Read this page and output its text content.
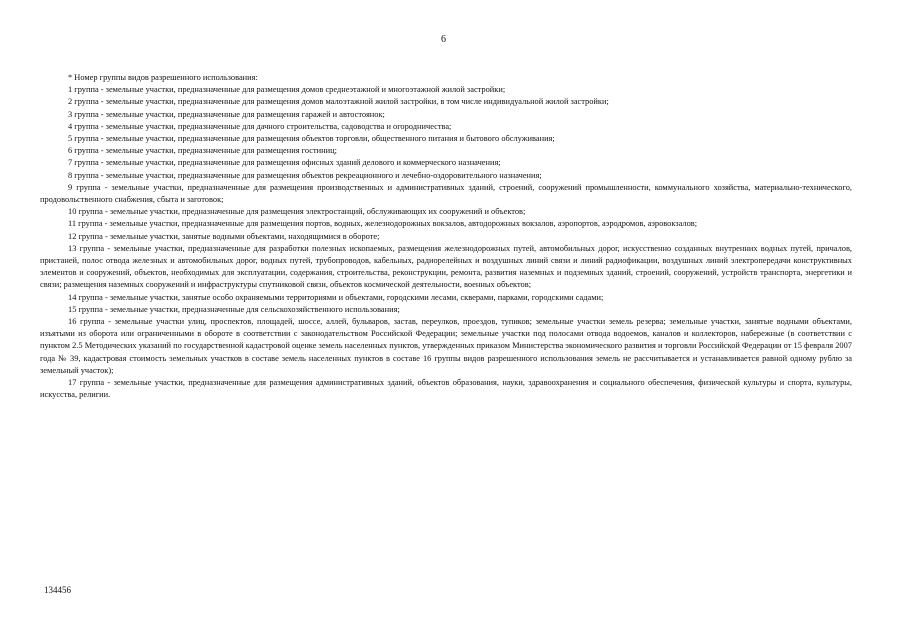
6

* Номер группы видов разрешенного использования:

1 группа - земельные участки, предназначенные для размещения домов среднеэтажной и многоэтажной жилой застройки;

2 группа - земельные участки, предназначенные для размещения домов малоэтажной жилой застройки, в том числе индивидуальной жилой застройки;

3 группа - земельные участки, предназначенные для размещения гаражей и автостоянок;

4 группа - земельные участки, предназначенные для дачного строительства, садоводства и огородничества;

5 группа - земельные участки, предназначенные для размещения объектов торговли, общественного питания и бытового обслуживания;

6 группа - земельные участки, предназначенные для размещения гостиниц;

7 группа - земельные участки, предназначенные для размещения офисных зданий делового и коммерческого назначения;

8 группа - земельные участки, предназначенные для размещения объектов рекреационного и лечебно-оздоровительного назначения;

9 группа - земельные участки, предназначенные для размещения производственных и административных зданий, строений, сооружений промышленности, коммунального хозяйства, материально-технического, продовольственного снабжения, сбыта и заготовок;

10 группа - земельные участки, предназначенные для размещения электростанций, обслуживающих их сооружений и объектов;

11 группа - земельные участки, предназначенные для размещения портов, водных, железнодорожных вокзалов, автодорожных вокзалов, аэропортов, аэродромов, аэровокзалов;

12 группа - земельные участки, занятые водными объектами, находящимися в обороте;

13 группа - земельные участки, предназначенные для разработки полезных ископаемых, размещения железнодорожных путей, автомобильных дорог, искусственно созданных внутренних водных путей, причалов, пристаней, полос отвода железных и автомобильных дорог, водных путей, трубопроводов, кабельных, радиорелейных и воздушных линий связи и линий радиофикации, воздушных линий электропередачи конструктивных элементов и сооружений, объектов, необходимых для эксплуатации, содержания, строительства, реконструкции, ремонта, развития наземных и подземных зданий, строений, сооружений, устройств транспорта, энергетики и связи; размещения наземных сооружений и инфраструктуры спутниковой связи, объектов космической деятельности, военных объектов;

14 группа - земельные участки, занятые особо охраняемыми территориями и объектами, городскими лесами, скверами, парками, городскими садами;

15 группа - земельные участки, предназначенные для сельскохозяйственного использования;

16 группа - земельные участки улиц, проспектов, площадей, шоссе, аллей, бульваров, застав, переулков, проездов, тупиков; земельные участки земель резерва; земельные участки, занятые водными объектами, изъятыми из оборота или ограниченными в обороте в соответствии с законодательством Российской Федерации; земельные участки под полосами отвода водоемов, каналов и коллекторов, набережные (в соответствии с пунктом 2.5 Методических указаний по государственной кадастровой оценке земель населенных пунктов, утвержденных приказом Министерства экономического развития и торговли Российской Федерации от 15 февраля 2007 года № 39, кадастровая стоимость земельных участков в составе земель населенных пунктов в составе 16 группы видов разрешенного использования земель не рассчитывается и устанавливается равной одному рублю за земельный участок);

17 группа - земельные участки, предназначенные для размещения административных зданий, объектов образования, науки, здравоохранения и социального обеспечения, физической культуры и спорта, культуры, искусства, религии.

134456
